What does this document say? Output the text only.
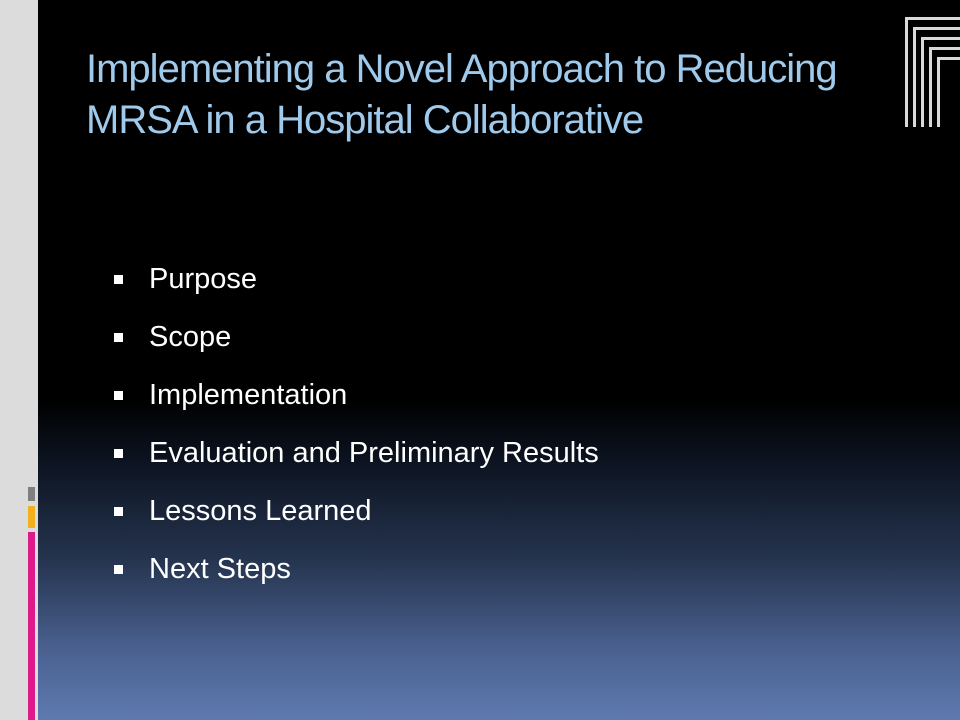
Implementing a Novel Approach to Reducing MRSA in a Hospital Collaborative
Purpose
Scope
Implementation
Evaluation and Preliminary Results
Lessons Learned
Next Steps
